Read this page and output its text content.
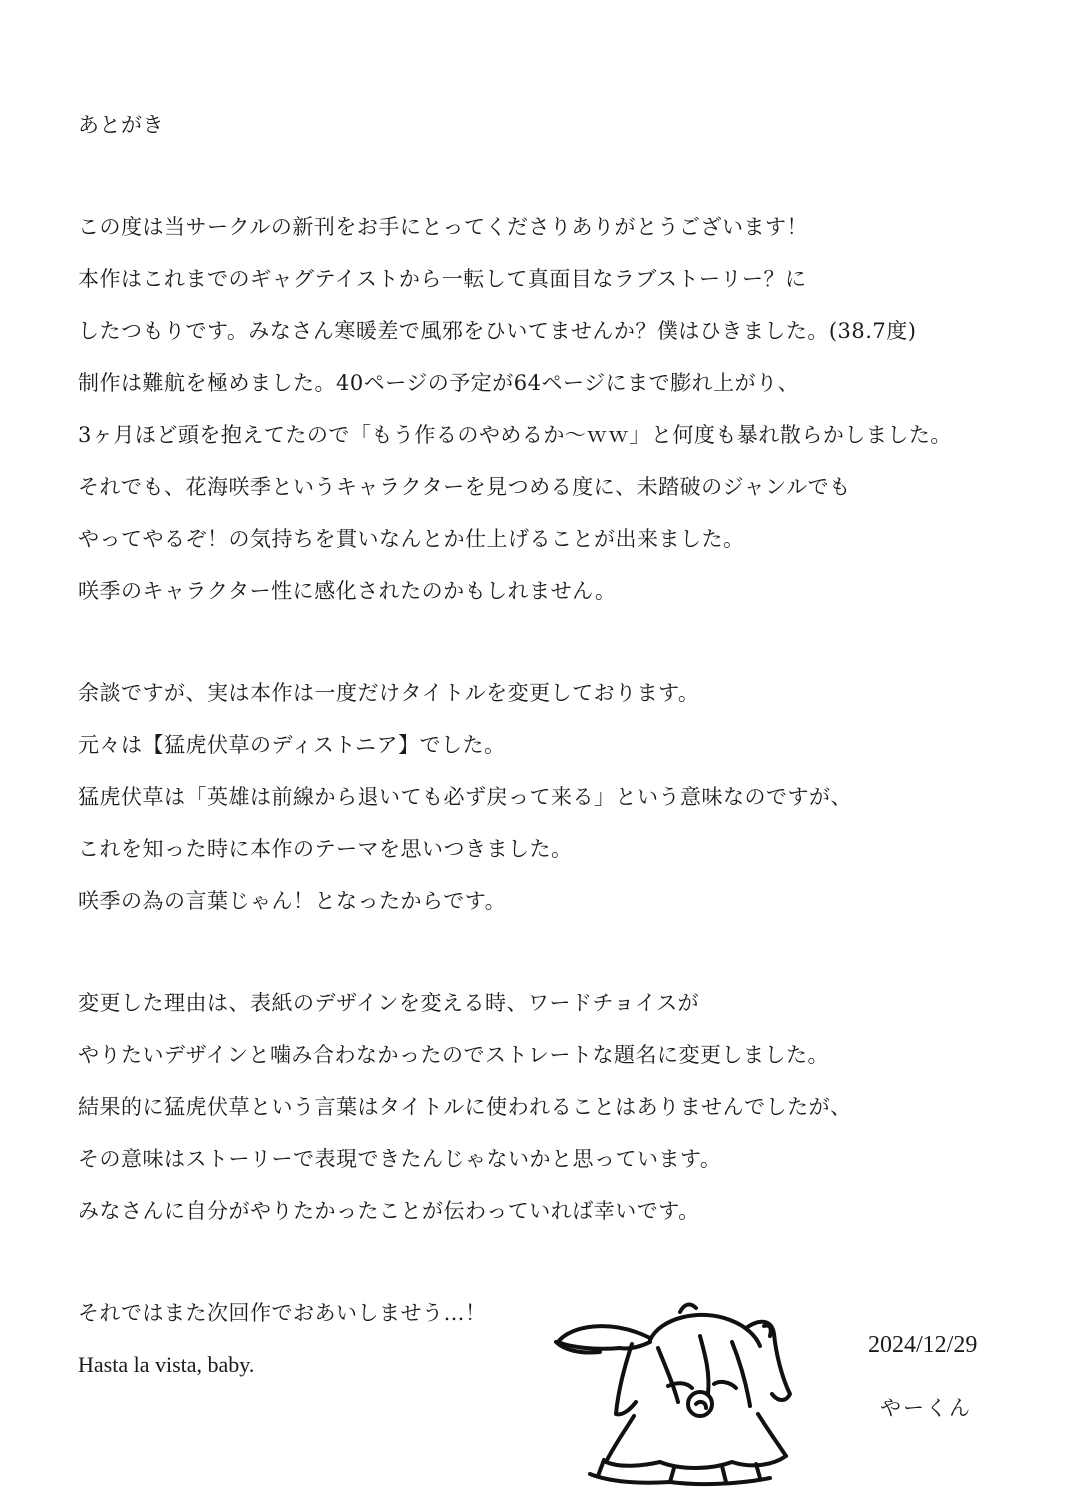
あとがき
この度は当サークルの新刊をお手にとってくださりありがとうございます！
本作はこれまでのギャグテイストから一転して真面目なラブストーリー？に
したつもりです。みなさん寒暖差で風邪をひいてませんか？僕はひきました。(38.7度)
制作は難航を極めました。40ページの予定が64ページにまで膨れ上がり、
3ヶ月ほど頭を抱えてたので「もう作るのやめるか〜ｗｗ」と何度も暴れ散らかしました。
それでも、花海咲季というキャラクターを見つめる度に、未踏破のジャンルでも
やってやるぞ！の気持ちを貫いなんとか仕上げることが出来ました。
咲季のキャラクター性に感化されたのかもしれません。
余談ですが、実は本作は一度だけタイトルを変更しております。
元々は【猛虎伏草のディストニア】でした。
猛虎伏草は「英雄は前線から退いても必ず戻って来る」という意味なのですが、
これを知った時に本作のテーマを思いつきました。
咲季の為の言葉じゃん！となったからです。
変更した理由は、表紙のデザインを変える時、ワードチョイスが
やりたいデザインと噛み合わなかったのでストレートな題名に変更しました。
結果的に猛虎伏草という言葉はタイトルに使われることはありませんでしたが、
その意味はストーリーで表現できたんじゃないかと思っています。
みなさんに自分がやりたかったことが伝わっていれば幸いです。
それではまた次回作でおあいしませう…！
Hasta la vista, baby.
2024/12/29
やーくん
